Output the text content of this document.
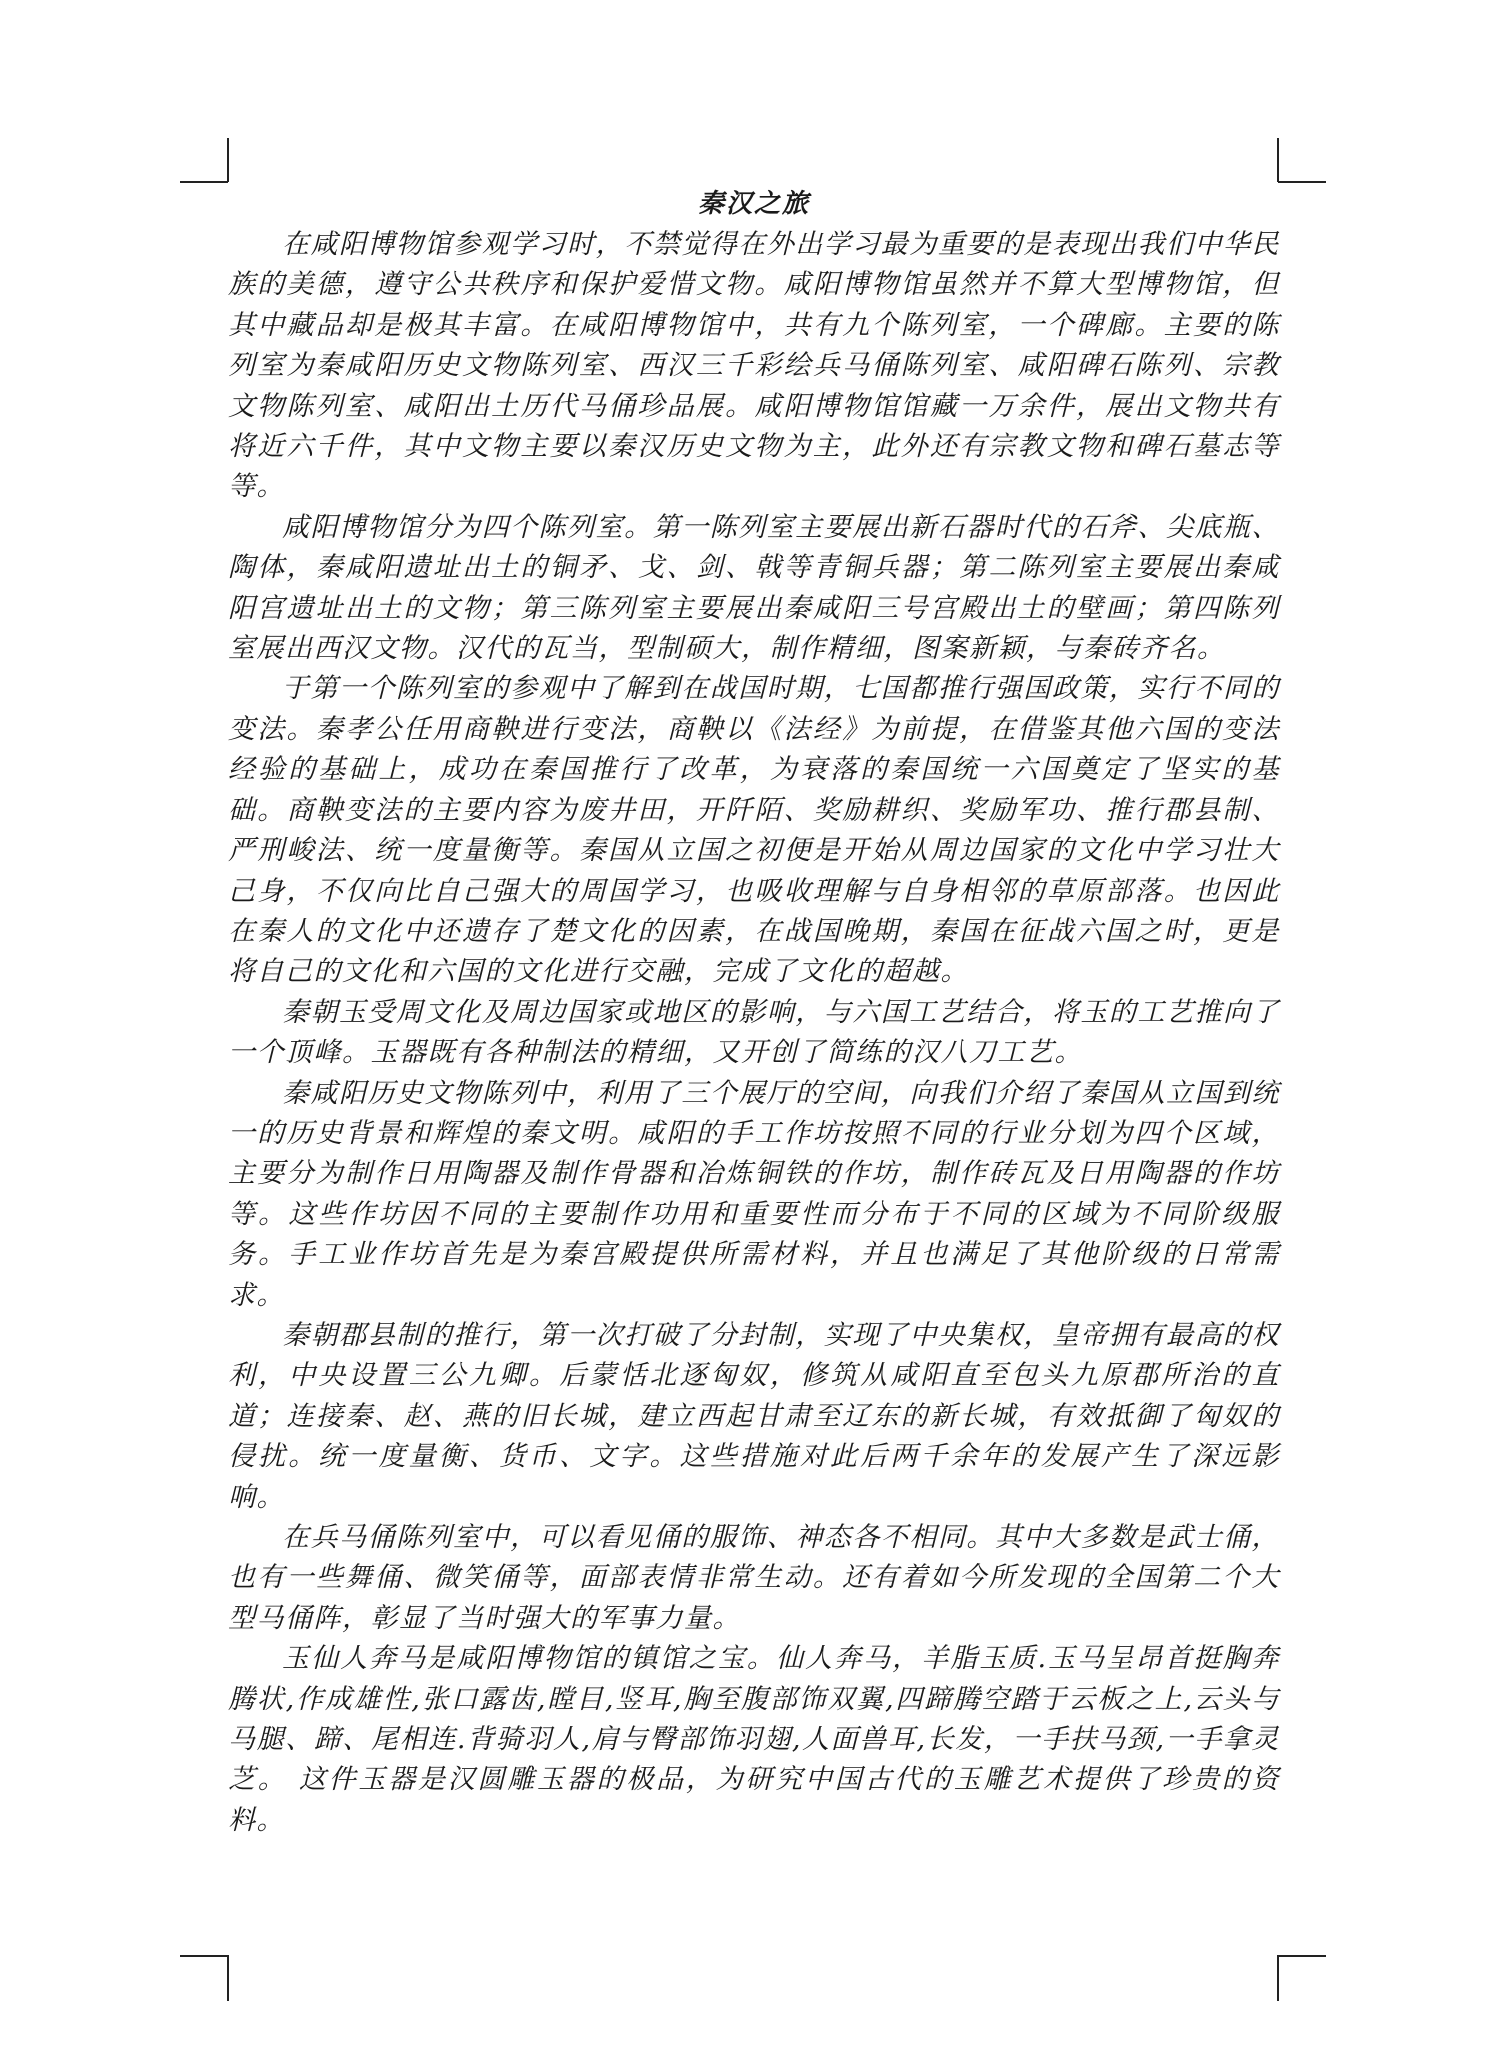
秦汉之旅

在咸阳博物馆参观学习时，不禁觉得在外出学习最为重要的是表现出我们中华民族的美德，遵守公共秩序和保护爱惜文物。咸阳博物馆虽然并不算大型博物馆，但其中藏品却是极其丰富。在咸阳博物馆中，共有九个陈列室，一个碑廊。主要的陈列室为秦咸阳历史文物陈列室、西汉三千彩绘兵马俑陈列室、咸阳碑石陈列、宗教文物陈列室、咸阳出土历代马俑珍品展。咸阳博物馆馆藏一万余件，展出文物共有将近六千件，其中文物主要以秦汉历史文物为主，此外还有宗教文物和碑石墓志等等。

咸阳博物馆分为四个陈列室。第一陈列室主要展出新石器时代的石斧、尖底瓶、陶体，秦咸阳遗址出土的铜矛、戈、剑、戟等青铜兵器；第二陈列室主要展出秦咸阳宫遗址出土的文物；第三陈列室主要展出秦咸阳三号宫殿出土的壁画；第四陈列室展出西汉文物。汉代的瓦当，型制硕大，制作精细，图案新颖，与秦砖齐名。

于第一个陈列室的参观中了解到在战国时期，七国都推行强国政策，实行不同的变法。秦孝公任用商鞅进行变法，商鞅以《法经》为前提，在借鉴其他六国的变法经验的基础上，成功在秦国推行了改革，为衰落的秦国统一六国奠定了坚实的基础。商鞅变法的主要内容为废井田，开阡陌、奖励耕织、奖励军功、推行郡县制、严刑峻法、统一度量衡等。秦国从立国之初便是开始从周边国家的文化中学习壮大己身，不仅向比自己强大的周国学习，也吸收理解与自身相邻的草原部落。也因此在秦人的文化中还遗存了楚文化的因素，在战国晚期，秦国在征战六国之时，更是将自己的文化和六国的文化进行交融，完成了文化的超越。

秦朝玉受周文化及周边国家或地区的影响，与六国工艺结合，将玉的工艺推向了一个顶峰。玉器既有各种制法的精细，又开创了简练的汉八刀工艺。

秦咸阳历史文物陈列中，利用了三个展厅的空间，向我们介绍了秦国从立国到统一的历史背景和辉煌的秦文明。咸阳的手工作坊按照不同的行业分划为四个区域，主要分为制作日用陶器及制作骨器和冶炼铜铁的作坊，制作砖瓦及日用陶器的作坊等。这些作坊因不同的主要制作功用和重要性而分布于不同的区域为不同阶级服务。手工业作坊首先是为秦宫殿提供所需材料，并且也满足了其他阶级的日常需求。

秦朝郡县制的推行，第一次打破了分封制，实现了中央集权，皇帝拥有最高的权利，中央设置三公九卿。后蒙恬北逐匈奴，修筑从咸阳直至包头九原郡所治的直道；连接秦、赵、燕的旧长城，建立西起甘肃至辽东的新长城，有效抵御了匈奴的侵扰。统一度量衡、货币、文字。这些措施对此后两千余年的发展产生了深远影响。

在兵马俑陈列室中，可以看见俑的服饰、神态各不相同。其中大多数是武士俑，也有一些舞俑、微笑俑等，面部表情非常生动。还有着如今所发现的全国第二个大型马俑阵，彰显了当时强大的军事力量。

玉仙人奔马是咸阳博物馆的镇馆之宝。仙人奔马，羊脂玉质.玉马呈昂首挺胸奔腾状,作成雄性,张口露齿,瞠目,竖耳,胸至腹部饰双翼,四蹄腾空踏于云板之上,云头与马腿、蹄、尾相连.背骑羽人,肩与臀部饰羽翅,人面兽耳,长发，一手扶马颈,一手拿灵芝。 这件玉器是汉圆雕玉器的极品，为研究中国古代的玉雕艺术提供了珍贵的资料。
